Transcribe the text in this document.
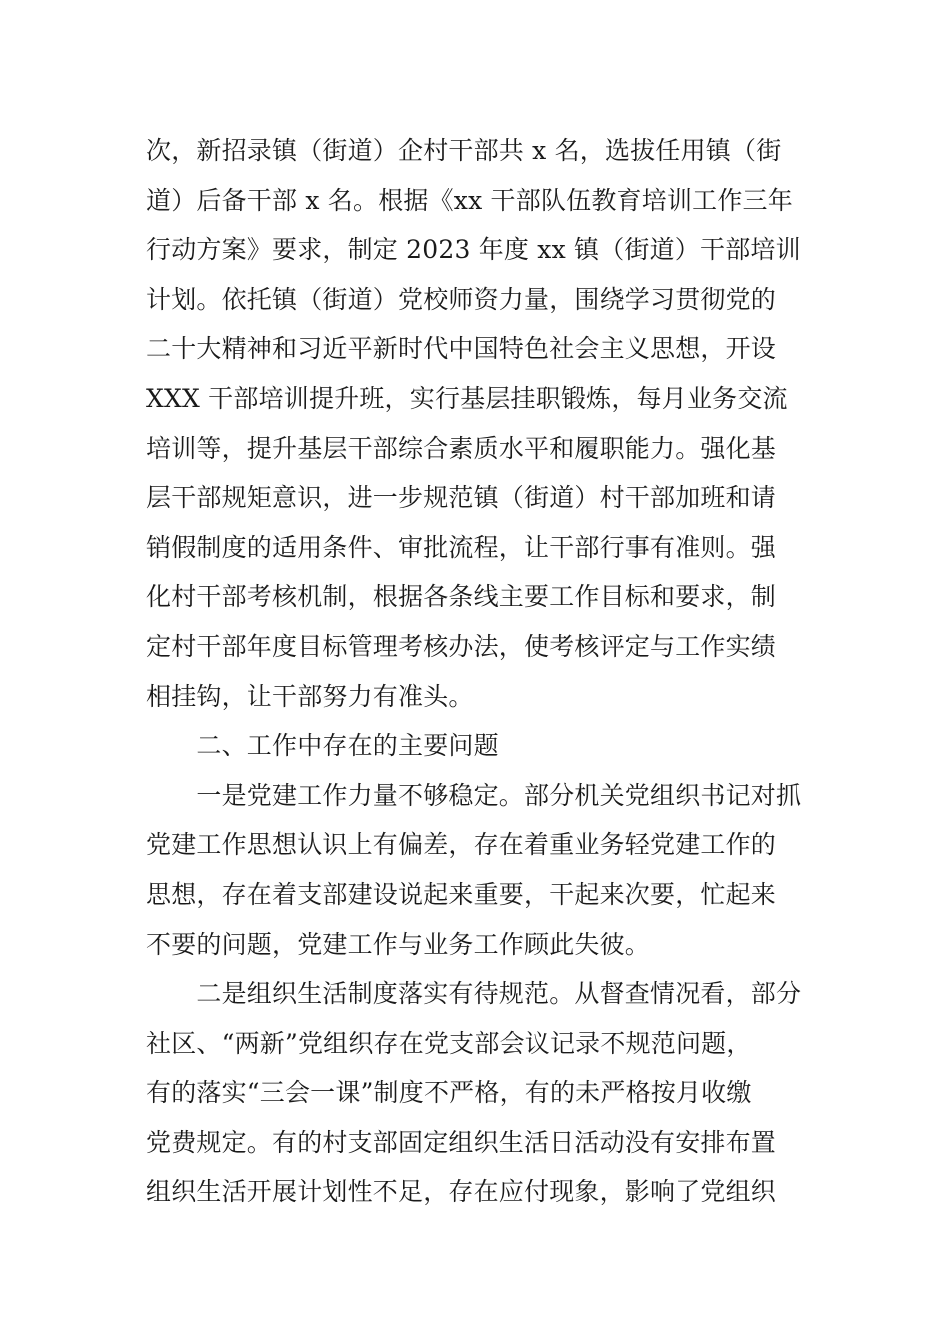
次，新招录镇（街道）企村干部共 x 名，选拔任用镇（街
道）后备干部 x 名。根据《xx 干部队伍教育培训工作三年
行动方案》要求，制定 2023 年度 xx 镇（街道）干部培训
计划。依托镇（街道）党校师资力量，围绕学习贯彻党的
二十大精神和习近平新时代中国特色社会主义思想，开设
XXX 干部培训提升班，实行基层挂职锻炼，每月业务交流
培训等，提升基层干部综合素质水平和履职能力。强化基
层干部规矩意识，进一步规范镇（街道）村干部加班和请
销假制度的适用条件、审批流程，让干部行事有准则。强
化村干部考核机制，根据各条线主要工作目标和要求，制
定村干部年度目标管理考核办法，使考核评定与工作实绩
相挂钩，让干部努力有准头。
　　二、工作中存在的主要问题
　　一是党建工作力量不够稳定。部分机关党组织书记对抓
党建工作思想认识上有偏差，存在着重业务轻党建工作的
思想，存在着支部建设说起来重要，干起来次要，忙起来
不要的问题，党建工作与业务工作顾此失彼。
　　二是组织生活制度落实有待规范。从督查情况看，部分
社区、“两新”党组织存在党支部会议记录不规范问题，
有的落实“三会一课”制度不严格，有的未严格按月收缴
党费规定。有的村支部固定组织生活日活动没有安排布置
组织生活开展计划性不足，存在应付现象，影响了党组织
